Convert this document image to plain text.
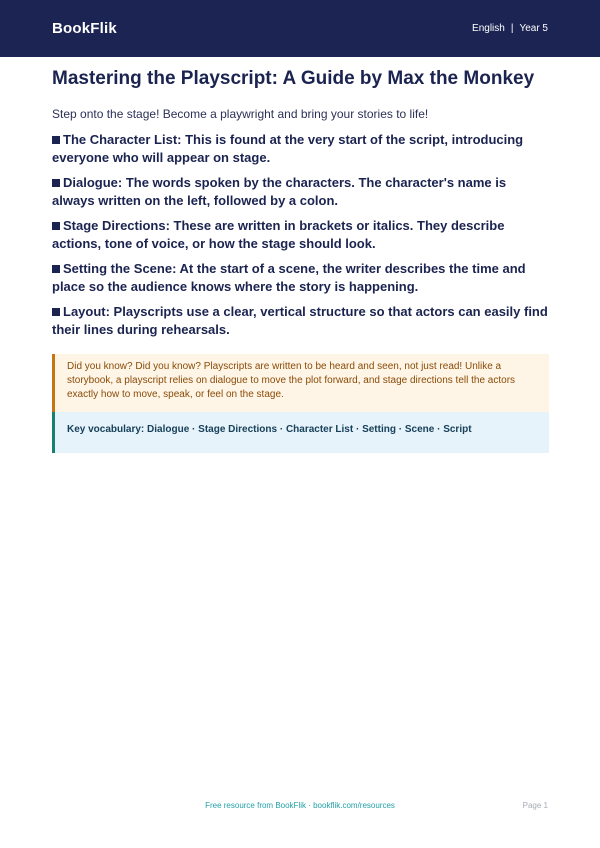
BookFlik	English | Year 5
Mastering the Playscript: A Guide by Max the Monkey

Step onto the stage! Become a playwright and bring your stories to life!

The Character List: This is found at the very start of the script, introducing everyone who will appear on stage.
Dialogue: The words spoken by the characters. The character's name is always written on the left, followed by a colon.
Stage Directions: These are written in brackets or italics. They describe actions, tone of voice, or how the stage should look.
Setting the Scene: At the start of a scene, the writer describes the time and place so the audience knows where the story is happening.
Layout: Playscripts use a clear, vertical structure so that actors can easily find their lines during rehearsals.
Did you know? Did you know? Playscripts are written to be heard and seen, not just read! Unlike a storybook, a playscript relies on dialogue to move the plot forward, and stage directions tell the actors exactly how to move, speak, or feel on the stage.
Key vocabulary: Dialogue · Stage Directions · Character List · Setting · Scene · Script
Free resource from BookFlik · bookflik.com/resources	Page 1
